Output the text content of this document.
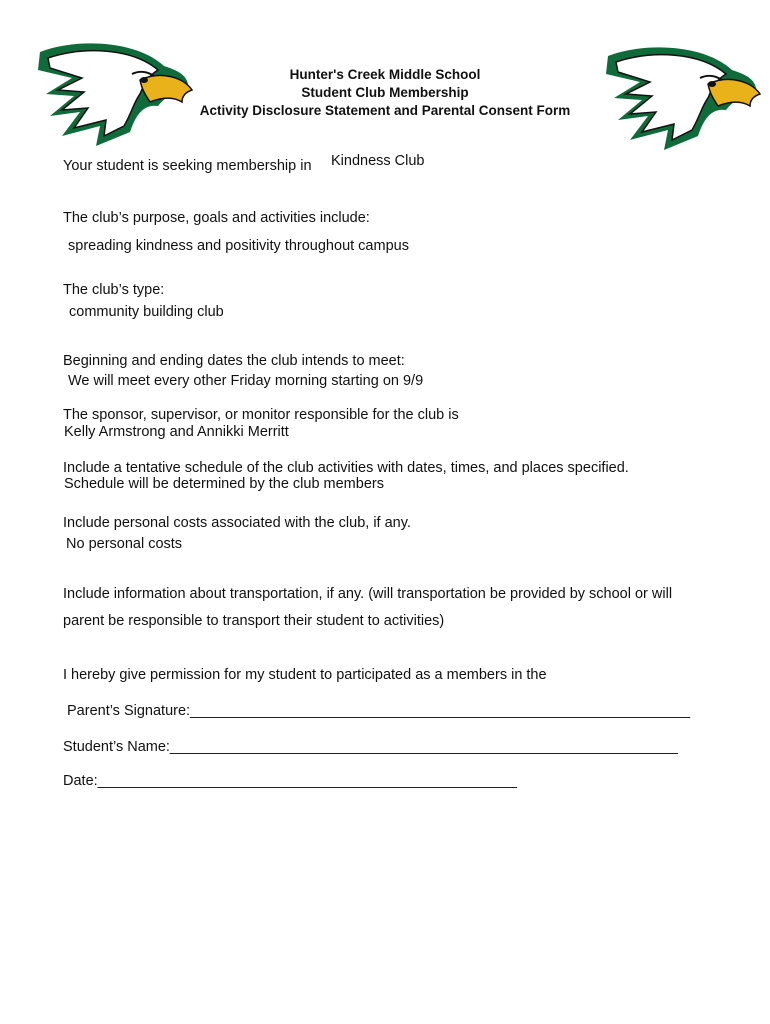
Hunter's Creek Middle School
Student Club Membership
Activity Disclosure Statement and Parental Consent Form
Your student is seeking membership in Kindness Club
The club’s purpose, goals and activities include:
spreading kindness and positivity throughout campus
The club’s type:
community building club
Beginning and ending dates the club intends to meet:
We will meet every other Friday morning starting on 9/9
The sponsor, supervisor, or monitor responsible for the club is
Kelly Armstrong and Annikki Merritt
Include a tentative schedule of the club activities with dates, times, and places specified.
Schedule will be determined by the club members
Include personal costs associated with the club, if any.
No personal costs
Include information about transportation, if any. (will transportation be provided by school or will
parent be responsible to transport their student to activities)
I hereby give permission for my student to participated as a members in the
Parent’s Signature:______________________________________________________________
Student’s Name:_______________________________________________________________
Date:____________________________________________________
